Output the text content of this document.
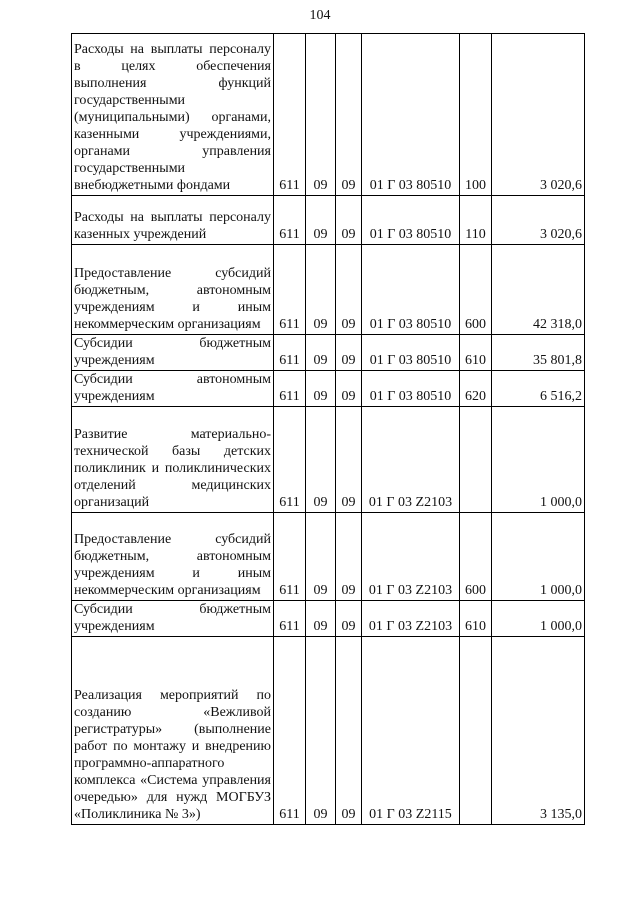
104
Расходы на выплаты персоналу в целях обеспечения выполнения функций государственными (муниципальными) органами, казенными учреждениями, органами управления государственными внебюджетными фондами	611	09	09	01 Г 03 80510	100	3 020,6
Расходы на выплаты персоналу казенных учреждений	611	09	09	01 Г 03 80510	110	3 020,6
Предоставление субсидий бюджетным, автономным учреждениям и иным некоммерческим организациям	611	09	09	01 Г 03 80510	600	42 318,0
Субсидии бюджетным учреждениям	611	09	09	01 Г 03 80510	610	35 801,8
Субсидии автономным учреждениям	611	09	09	01 Г 03 80510	620	6 516,2
Развитие материально-технической базы детских поликлиник и поликлинических отделений медицинских организаций	611	09	09	01 Г 03 Z2103		1 000,0
Предоставление субсидий бюджетным, автономным учреждениям и иным некоммерческим организациям	611	09	09	01 Г 03 Z2103	600	1 000,0
Субсидии бюджетным учреждениям	611	09	09	01 Г 03 Z2103	610	1 000,0
Реализация мероприятий по созданию «Вежливой регистратуры» (выполнение работ по монтажу и внедрению программно-аппаратного комплекса «Система управления очередью» для нужд МОГБУЗ «Поликлиника № 3»)	611	09	09	01 Г 03 Z2115		3 135,0
